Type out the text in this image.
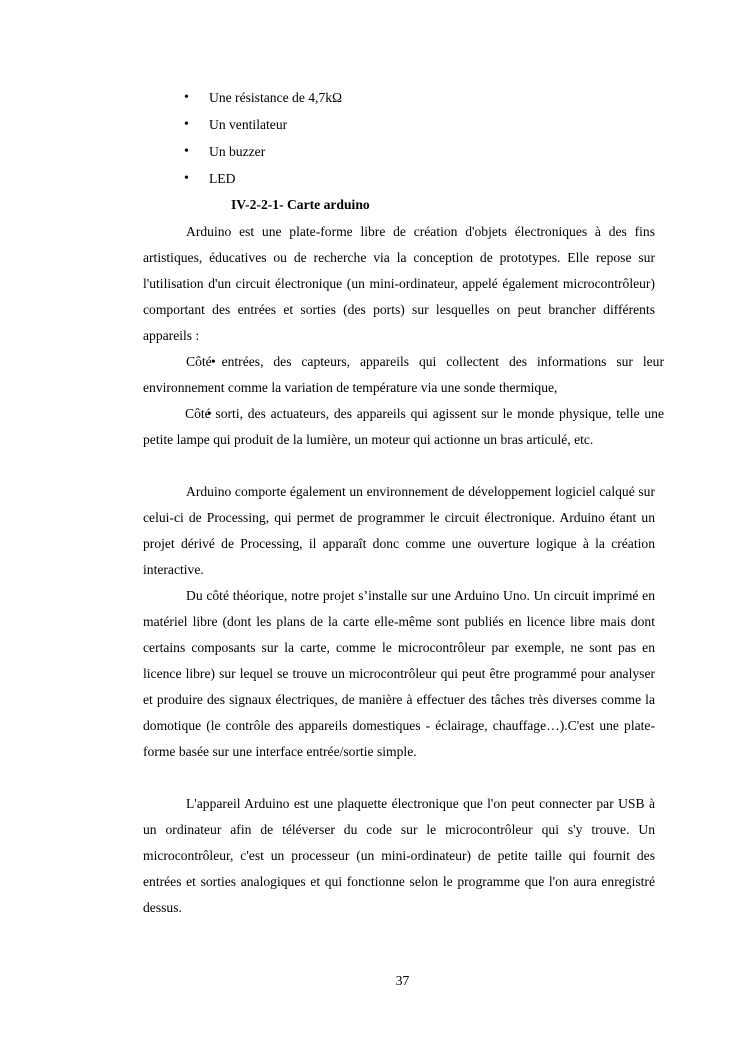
• Une résistance de 4,7kΩ
• Un ventilateur
• Un buzzer
• LED
IV-2-2-1- Carte arduino

Arduino est une plate-forme libre de création d'objets électroniques à des fins artistiques, éducatives ou de recherche via la conception de prototypes. Elle repose sur l'utilisation d'un circuit électronique (un mini-ordinateur, appelé également microcontrôleur) comportant des entrées et sorties (des ports) sur lesquelles on peut brancher différents appareils :

• Côté entrées, des capteurs, appareils qui collectent des informations sur leur environnement comme la variation de température via une sonde thermique,
• Côté sorti, des actuateurs, des appareils qui agissent sur le monde physique, telle une petite lampe qui produit de la lumière, un moteur qui actionne un bras articulé, etc.

Arduino comporte également un environnement de développement logiciel calqué sur celui-ci de Processing, qui permet de programmer le circuit électronique. Arduino étant un projet dérivé de Processing, il apparaît donc comme une ouverture logique à la création interactive.

Du côté théorique, notre projet s’installe sur une Arduino Uno. Un circuit imprimé en matériel libre (dont les plans de la carte elle-même sont publiés en licence libre mais dont certains composants sur la carte, comme le microcontrôleur par exemple, ne sont pas en licence libre) sur lequel se trouve un microcontrôleur qui peut être programmé pour analyser et produire des signaux électriques, de manière à effectuer des tâches très diverses comme la domotique (le contrôle des appareils domestiques - éclairage, chauffage…).C'est une plate-forme basée sur une interface entrée/sortie simple.

L'appareil Arduino est une plaquette électronique que l'on peut connecter par USB à un ordinateur afin de téléverser du code sur le microcontrôleur qui s'y trouve. Un microcontrôleur, c'est un processeur (un mini-ordinateur) de petite taille qui fournit des entrées et sorties analogiques et qui fonctionne selon le programme que l'on aura enregistré dessus.

37
